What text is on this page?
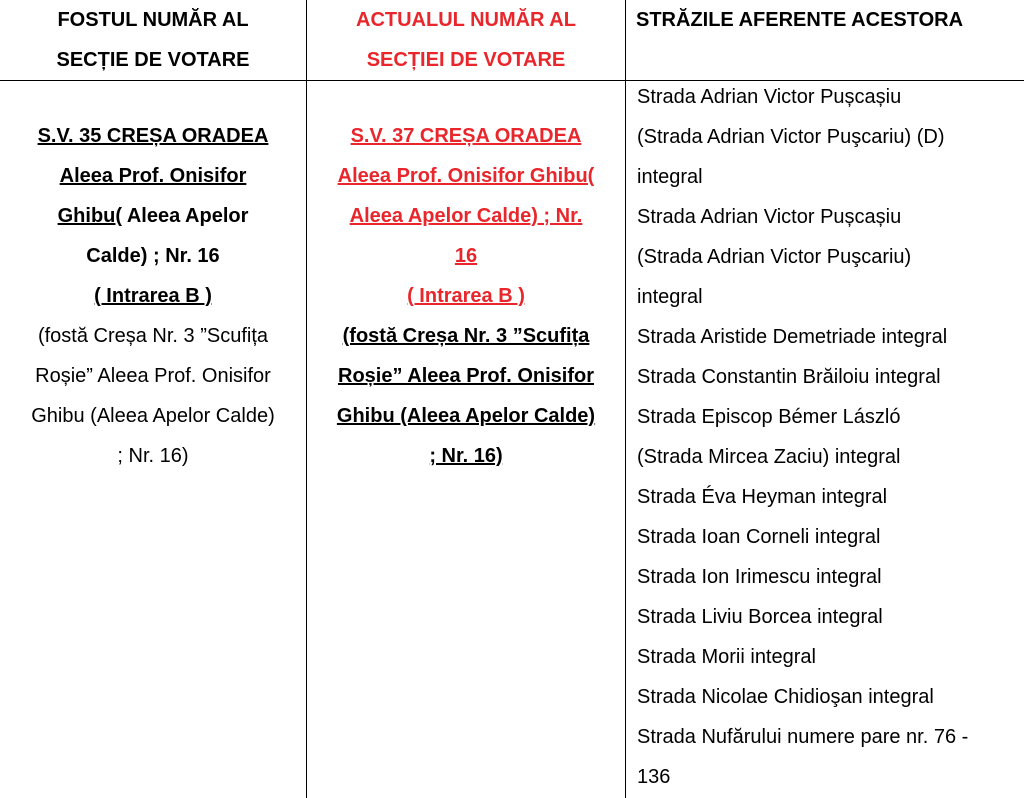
FOSTUL NUMĂR AL
SECȚIE DE VOTARE
ACTUALUL NUMĂR AL
SECȚIEI DE VOTARE
STRĂZILE AFERENTE ACESTORA
S.V. 35 CREȘA ORADEA
Aleea Prof. Onisifor
Ghibu( Aleea Apelor
Calde) ; Nr. 16
( Intrarea B )
(fostă Creșa Nr. 3 ”Scufița
Roșie” Aleea Prof. Onisifor
Ghibu (Aleea Apelor Calde)
; Nr. 16)
S.V. 37 CREȘA ORADEA
Aleea Prof. Onisifor Ghibu(
Aleea Apelor Calde) ; Nr.
16
( Intrarea B )
(fostă Creșa Nr. 3 ”Scufița
Roșie” Aleea Prof. Onisifor
Ghibu (Aleea Apelor Calde)
; Nr. 16)
Strada Adrian Victor Pușcașiu
(Strada Adrian Victor Puşcariu) (D)
integral
Strada Adrian Victor Pușcașiu
(Strada Adrian Victor Puşcariu)
integral
Strada Aristide Demetriade integral
Strada Constantin Brăiloiu integral
Strada Episcop Bémer László
(Strada Mircea Zaciu) integral
Strada Éva Heyman integral
Strada Ioan Corneli integral
Strada Ion Irimescu integral
Strada Liviu Borcea integral
Strada Morii integral
Strada Nicolae Chidioşan integral
Strada Nufărului numere pare nr. 76 -
136
